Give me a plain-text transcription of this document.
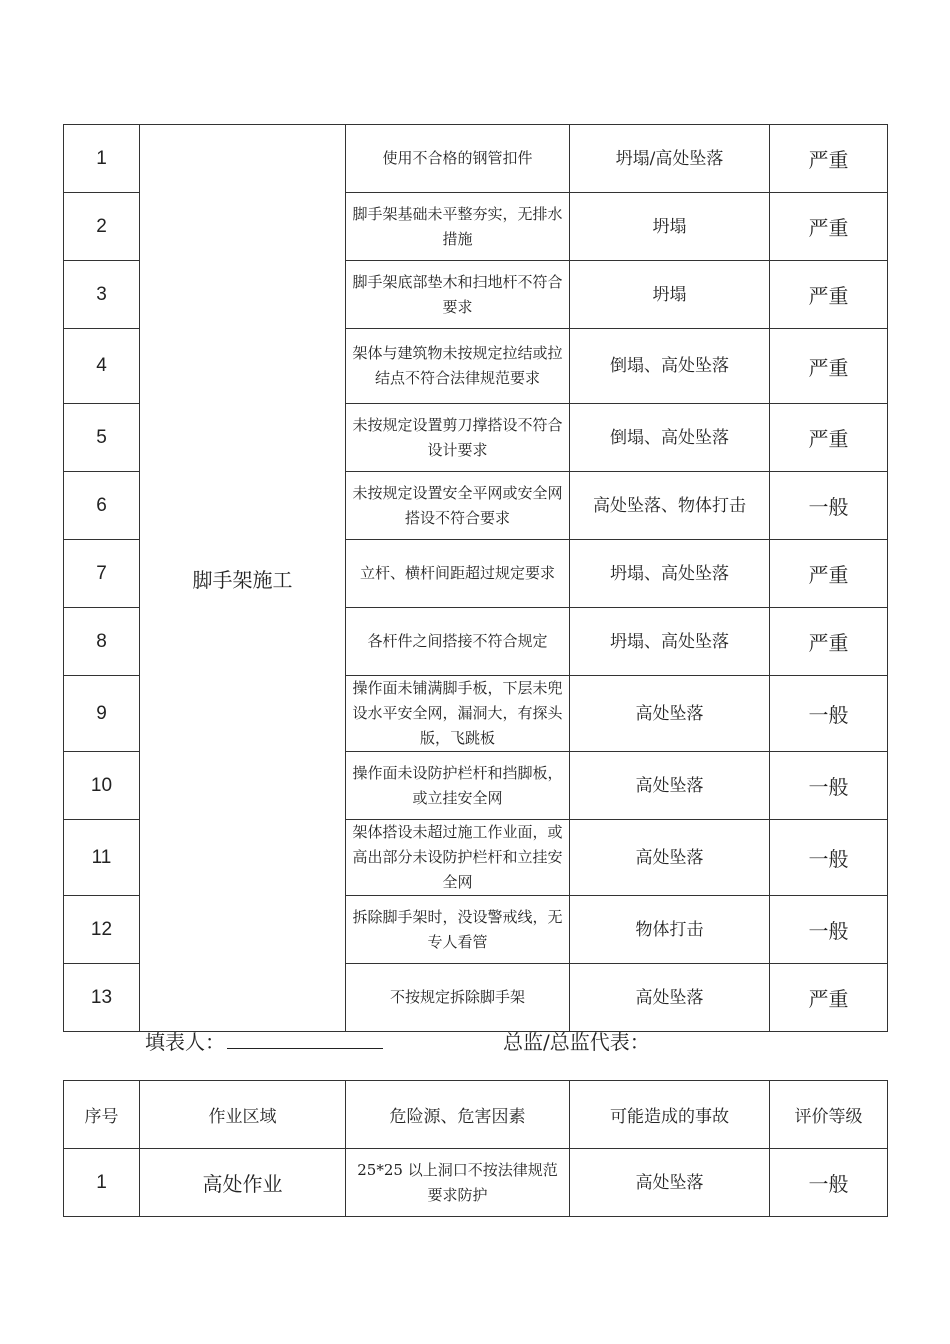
1	脚手架施工	使用不合格的钢管扣件	坍塌/高处坠落	严重
2		脚手架基础未平整夯实，无排水措施	坍塌	严重
3		脚手架底部垫木和扫地杆不符合要求	坍塌	严重
4		架体与建筑物未按规定拉结或拉结点不符合法律规范要求	倒塌、高处坠落	严重
5		未按规定设置剪刀撑搭设不符合设计要求	倒塌、高处坠落	严重
6		未按规定设置安全平网或安全网搭设不符合要求	高处坠落、物体打击	一般
7		立杆、横杆间距超过规定要求	坍塌、高处坠落	严重
8		各杆件之间搭接不符合规定	坍塌、高处坠落	严重
9		操作面未铺满脚手板，下层未兜设水平安全网，漏洞大，有探头版，飞跳板	高处坠落	一般
10		操作面未设防护栏杆和挡脚板，或立挂安全网	高处坠落	一般
11		架体搭设未超过施工作业面，或高出部分未设防护栏杆和立挂安全网	高处坠落	一般
12		拆除脚手架时，没设警戒线，无专人看管	物体打击	一般
13		不按规定拆除脚手架	高处坠落	严重
填表人：	总监/总监代表：
序号	作业区域	危险源、危害因素	可能造成的事故	评价等级
1	高处作业	25*25 以上洞口不按法律规范要求防护	高处坠落	一般
